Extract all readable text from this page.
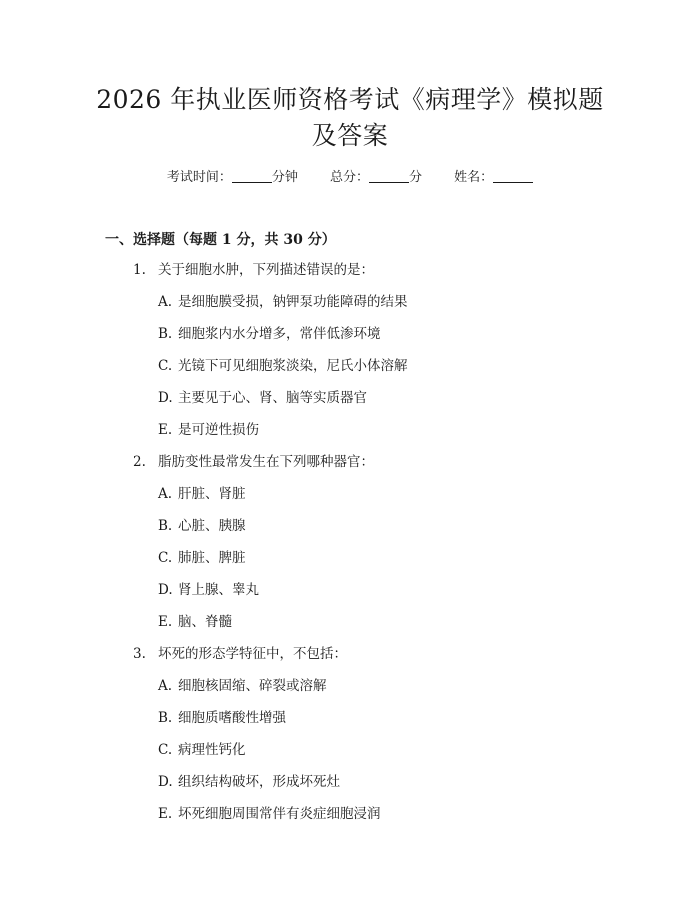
2026 年执业医师资格考试《病理学》模拟题
及答案
考试时间：	分钟 总分：	分 姓名：
一、选择题（每题 1 分，共 30 分）
1. 关于细胞水肿，下列描述错误的是：
A. 是细胞膜受损，钠钾泵功能障碍的结果
B. 细胞浆内水分增多，常伴低渗环境
C. 光镜下可见细胞浆淡染，尼氏小体溶解
D. 主要见于心、肾、脑等实质器官
E. 是可逆性损伤
2. 脂肪变性最常发生在下列哪种器官：
A. 肝脏、肾脏
B. 心脏、胰腺
C. 肺脏、脾脏
D. 肾上腺、睾丸
E. 脑、脊髓
3. 坏死的形态学特征中，不包括：
A. 细胞核固缩、碎裂或溶解
B. 细胞质嗜酸性增强
C. 病理性钙化
D. 组织结构破坏，形成坏死灶
E. 坏死细胞周围常伴有炎症细胞浸润
